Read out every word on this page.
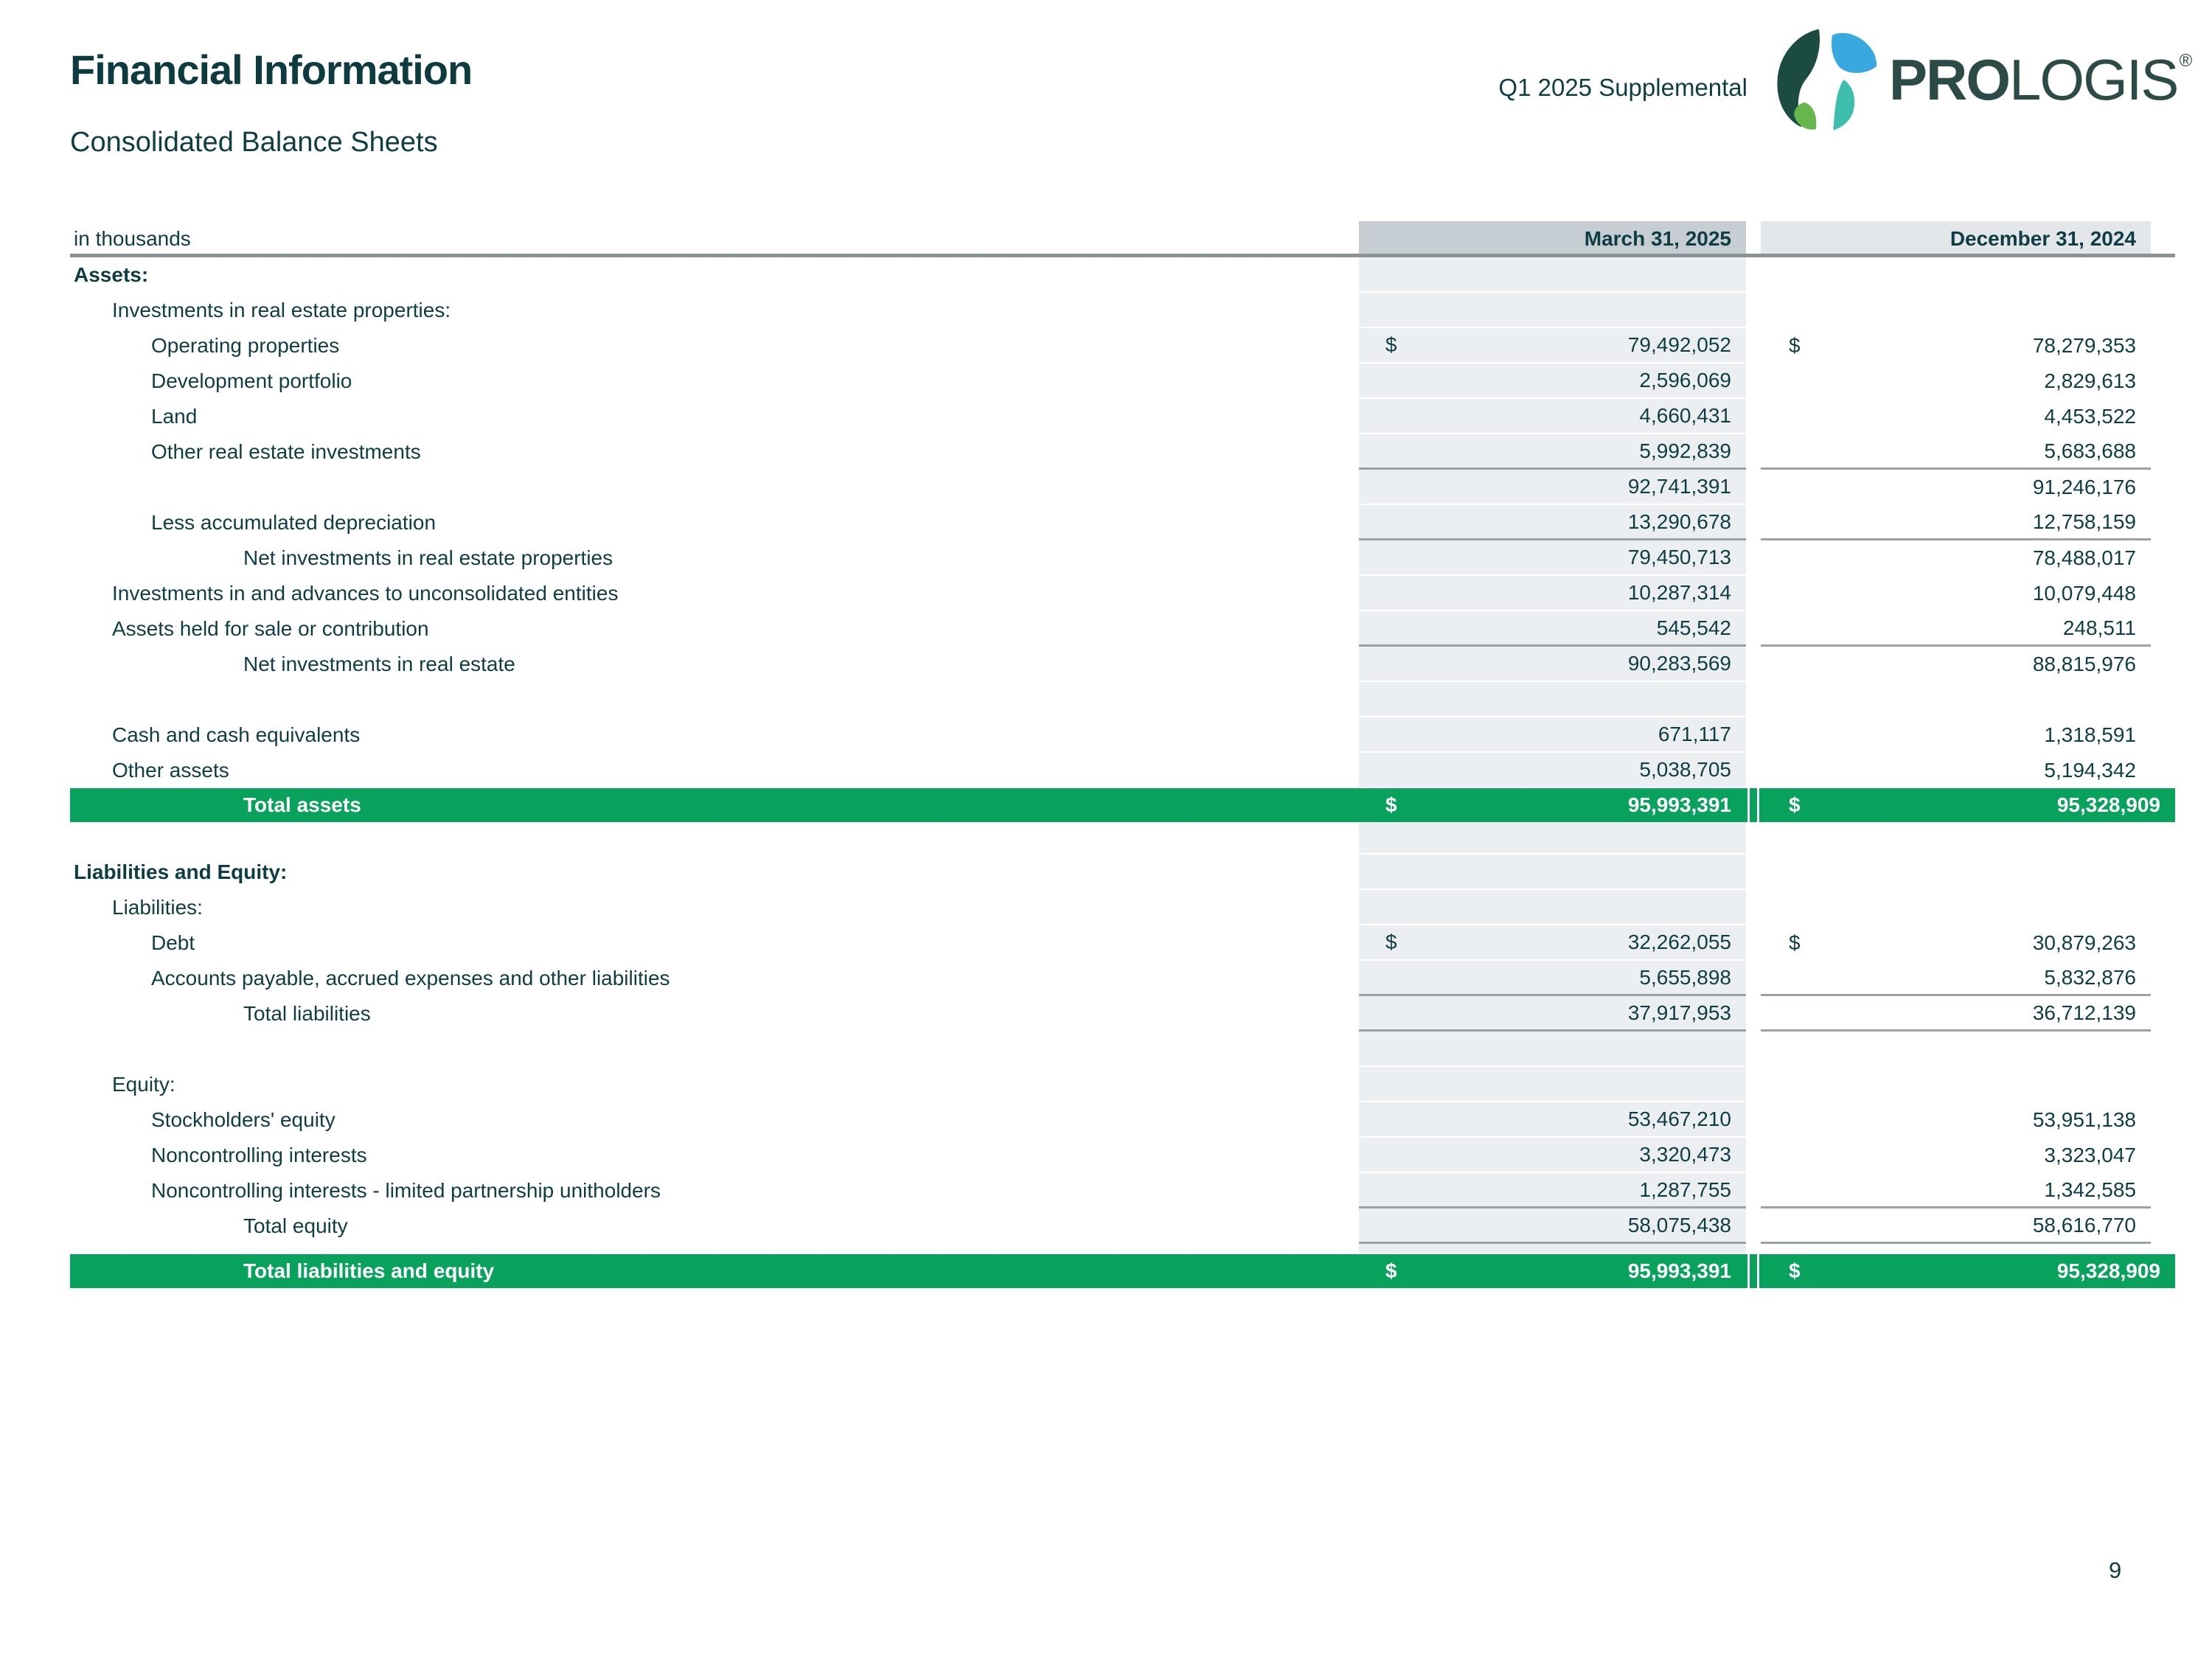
Financial Information
Consolidated Balance Sheets
Q1 2025 Supplemental PROLOGIS®
in thousands	March 31, 2025	December 31, 2024
Assets:
Investments in real estate properties:
Operating properties	$	79,492,052	$	78,279,353
Development portfolio	2,596,069	2,829,613
Land	4,660,431	4,453,522
Other real estate investments	5,992,839	5,683,688
92,741,391	91,246,176
Less accumulated depreciation	13,290,678	12,758,159
Net investments in real estate properties	79,450,713	78,488,017
Investments in and advances to unconsolidated entities	10,287,314	10,079,448
Assets held for sale or contribution	545,542	248,511
Net investments in real estate	90,283,569	88,815,976
Cash and cash equivalents	671,117	1,318,591
Other assets	5,038,705	5,194,342
Total assets	$	95,993,391	$	95,328,909
Liabilities and Equity:
Liabilities:
Debt	$	32,262,055	$	30,879,263
Accounts payable, accrued expenses and other liabilities	5,655,898	5,832,876
Total liabilities	37,917,953	36,712,139
Equity:
Stockholders' equity	53,467,210	53,951,138
Noncontrolling interests	3,320,473	3,323,047
Noncontrolling interests - limited partnership unitholders	1,287,755	1,342,585
Total equity	58,075,438	58,616,770
Total liabilities and equity	$	95,993,391	$	95,328,909
9
